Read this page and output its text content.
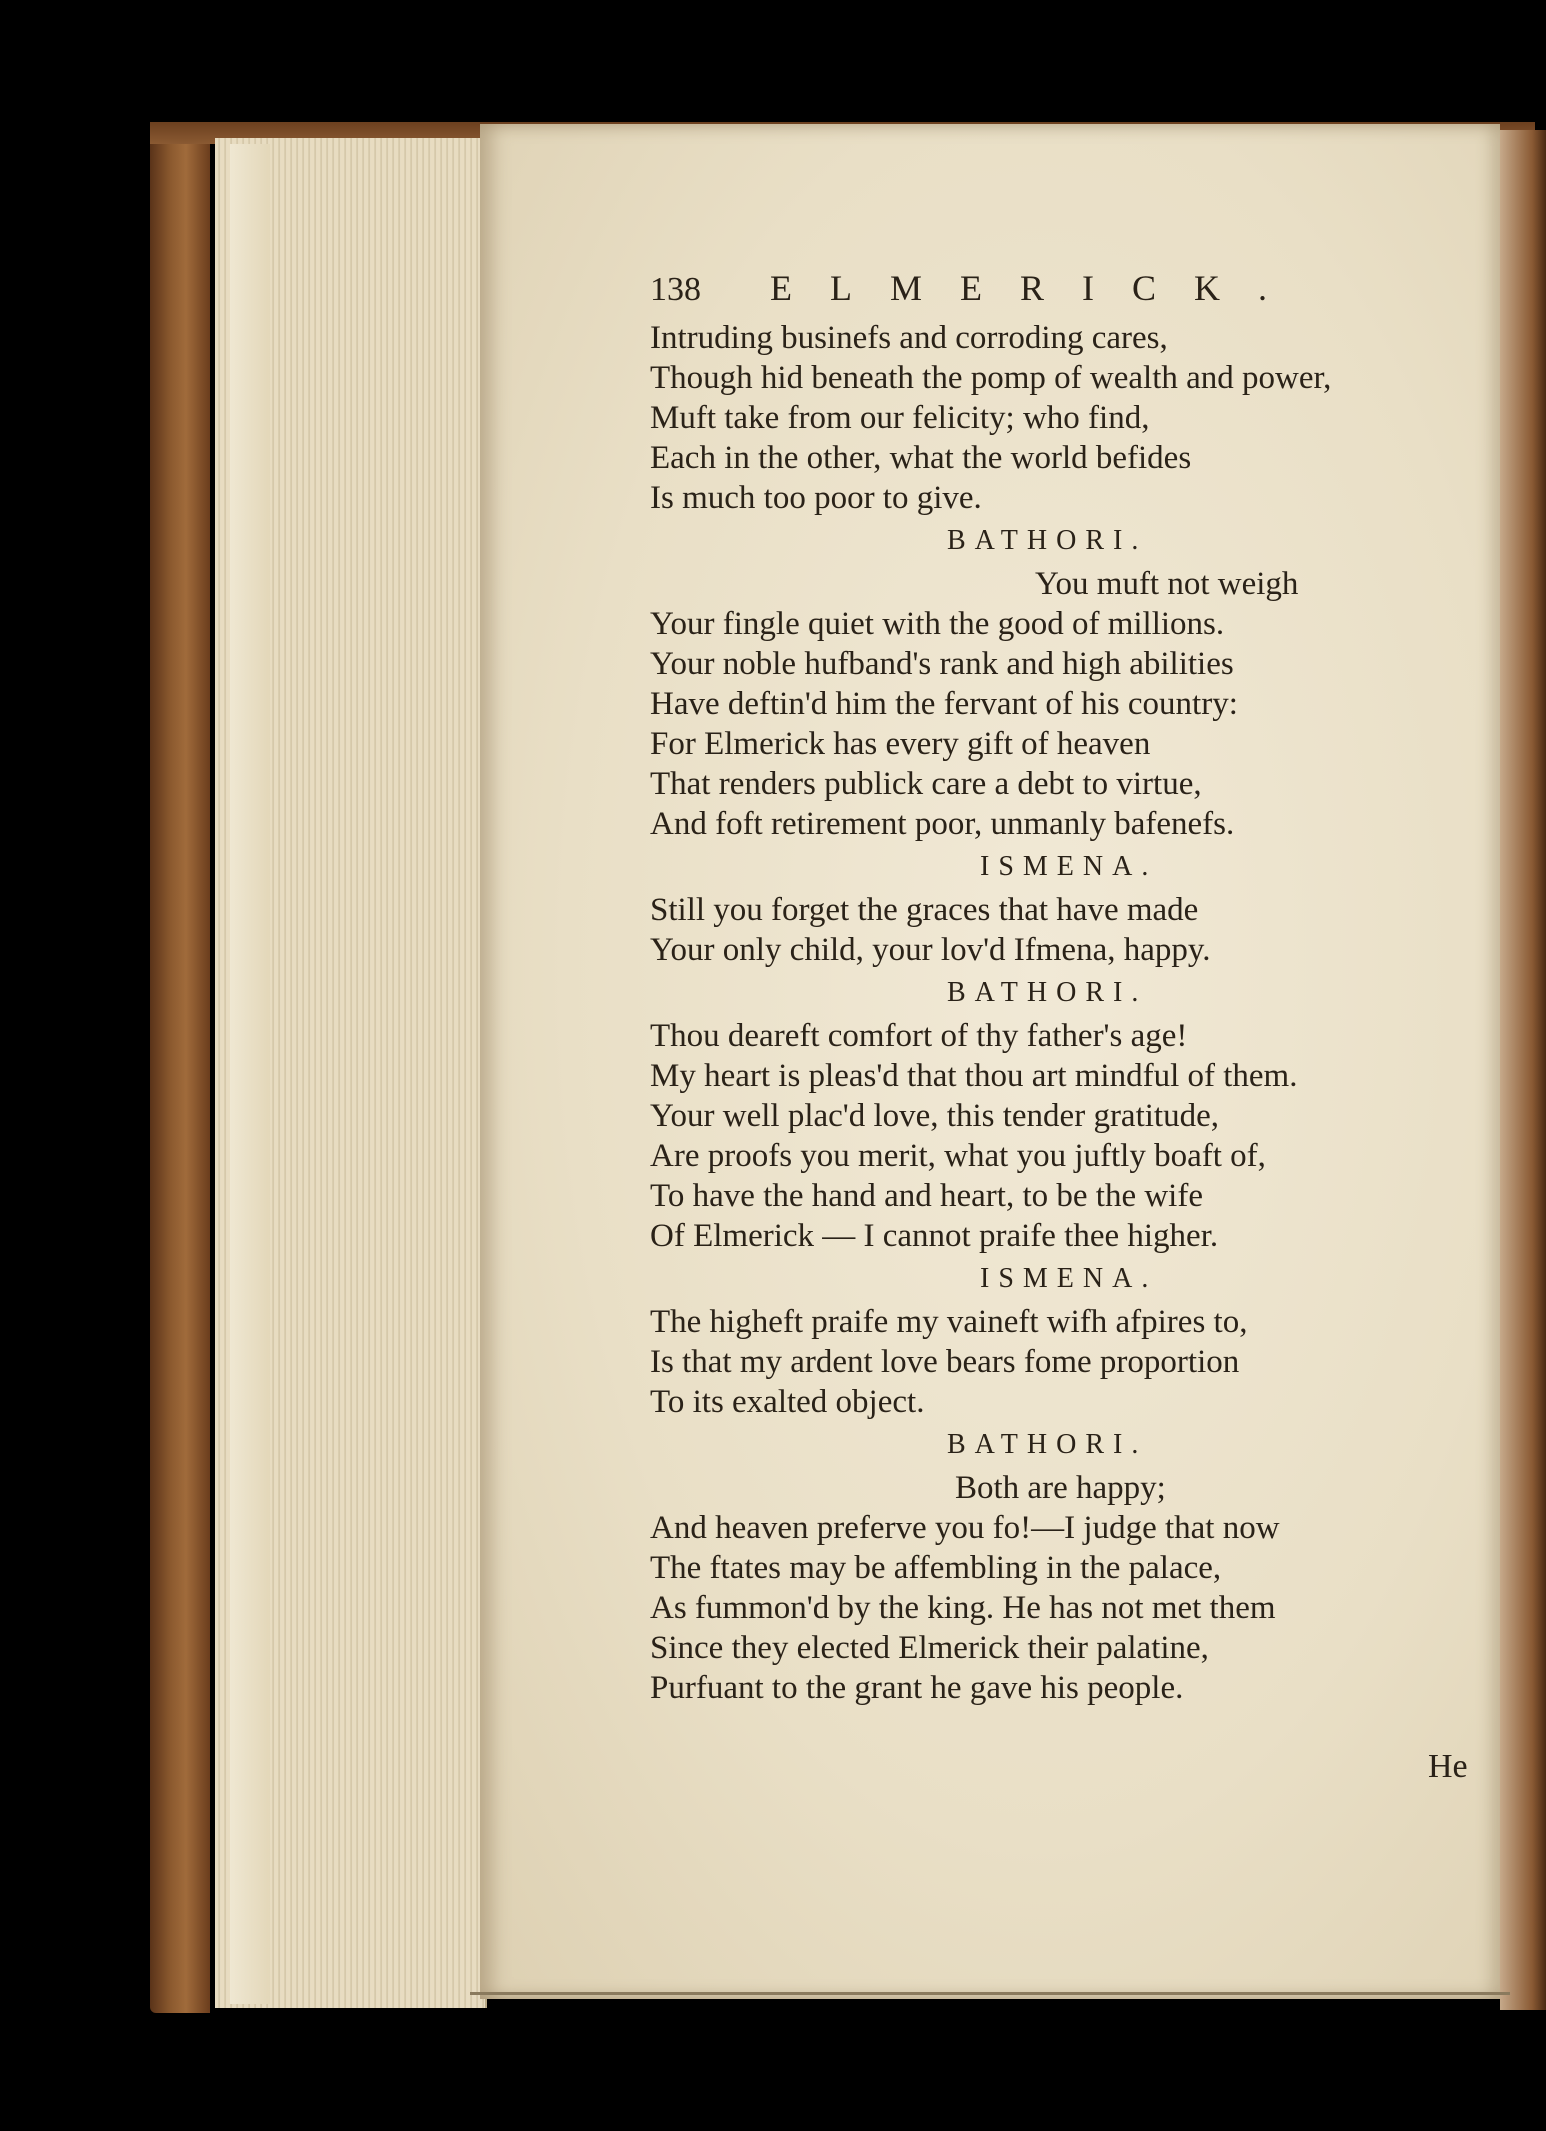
138	ELMERICK.
Intruding businefs and corroding cares,
Though hid beneath the pomp of wealth and power,
Muft take from our felicity; who find,
Each in the other, what the world befides
Is much too poor to give.
BATHORI.
You muft not weigh
Your fingle quiet with the good of millions.
Your noble hufband's rank and high abilities
Have deftin'd him the fervant of his country:
For Elmerick has every gift of heaven
That renders publick care a debt to virtue,
And foft retirement poor, unmanly bafenefs.
ISMENA.
Still you forget the graces that have made
Your only child, your lov'd Ifmena, happy.
BATHORI.
Thou deareft comfort of thy father's age!
My heart is pleas'd that thou art mindful of them.
Your well plac'd love, this tender gratitude,
Are proofs you merit, what you juftly boaft of,
To have the hand and heart, to be the wife
Of Elmerick — I cannot praife thee higher.
ISMENA.
The higheft praife my vaineft wifh afpires to,
Is that my ardent love bears fome proportion
To its exalted object.
BATHORI.
Both are happy;
And heaven preferve you fo!—I judge that now
The ftates may be affembling in the palace,
As fummon'd by the king. He has not met them
Since they elected Elmerick their palatine,
Purfuant to the grant he gave his people.
He
